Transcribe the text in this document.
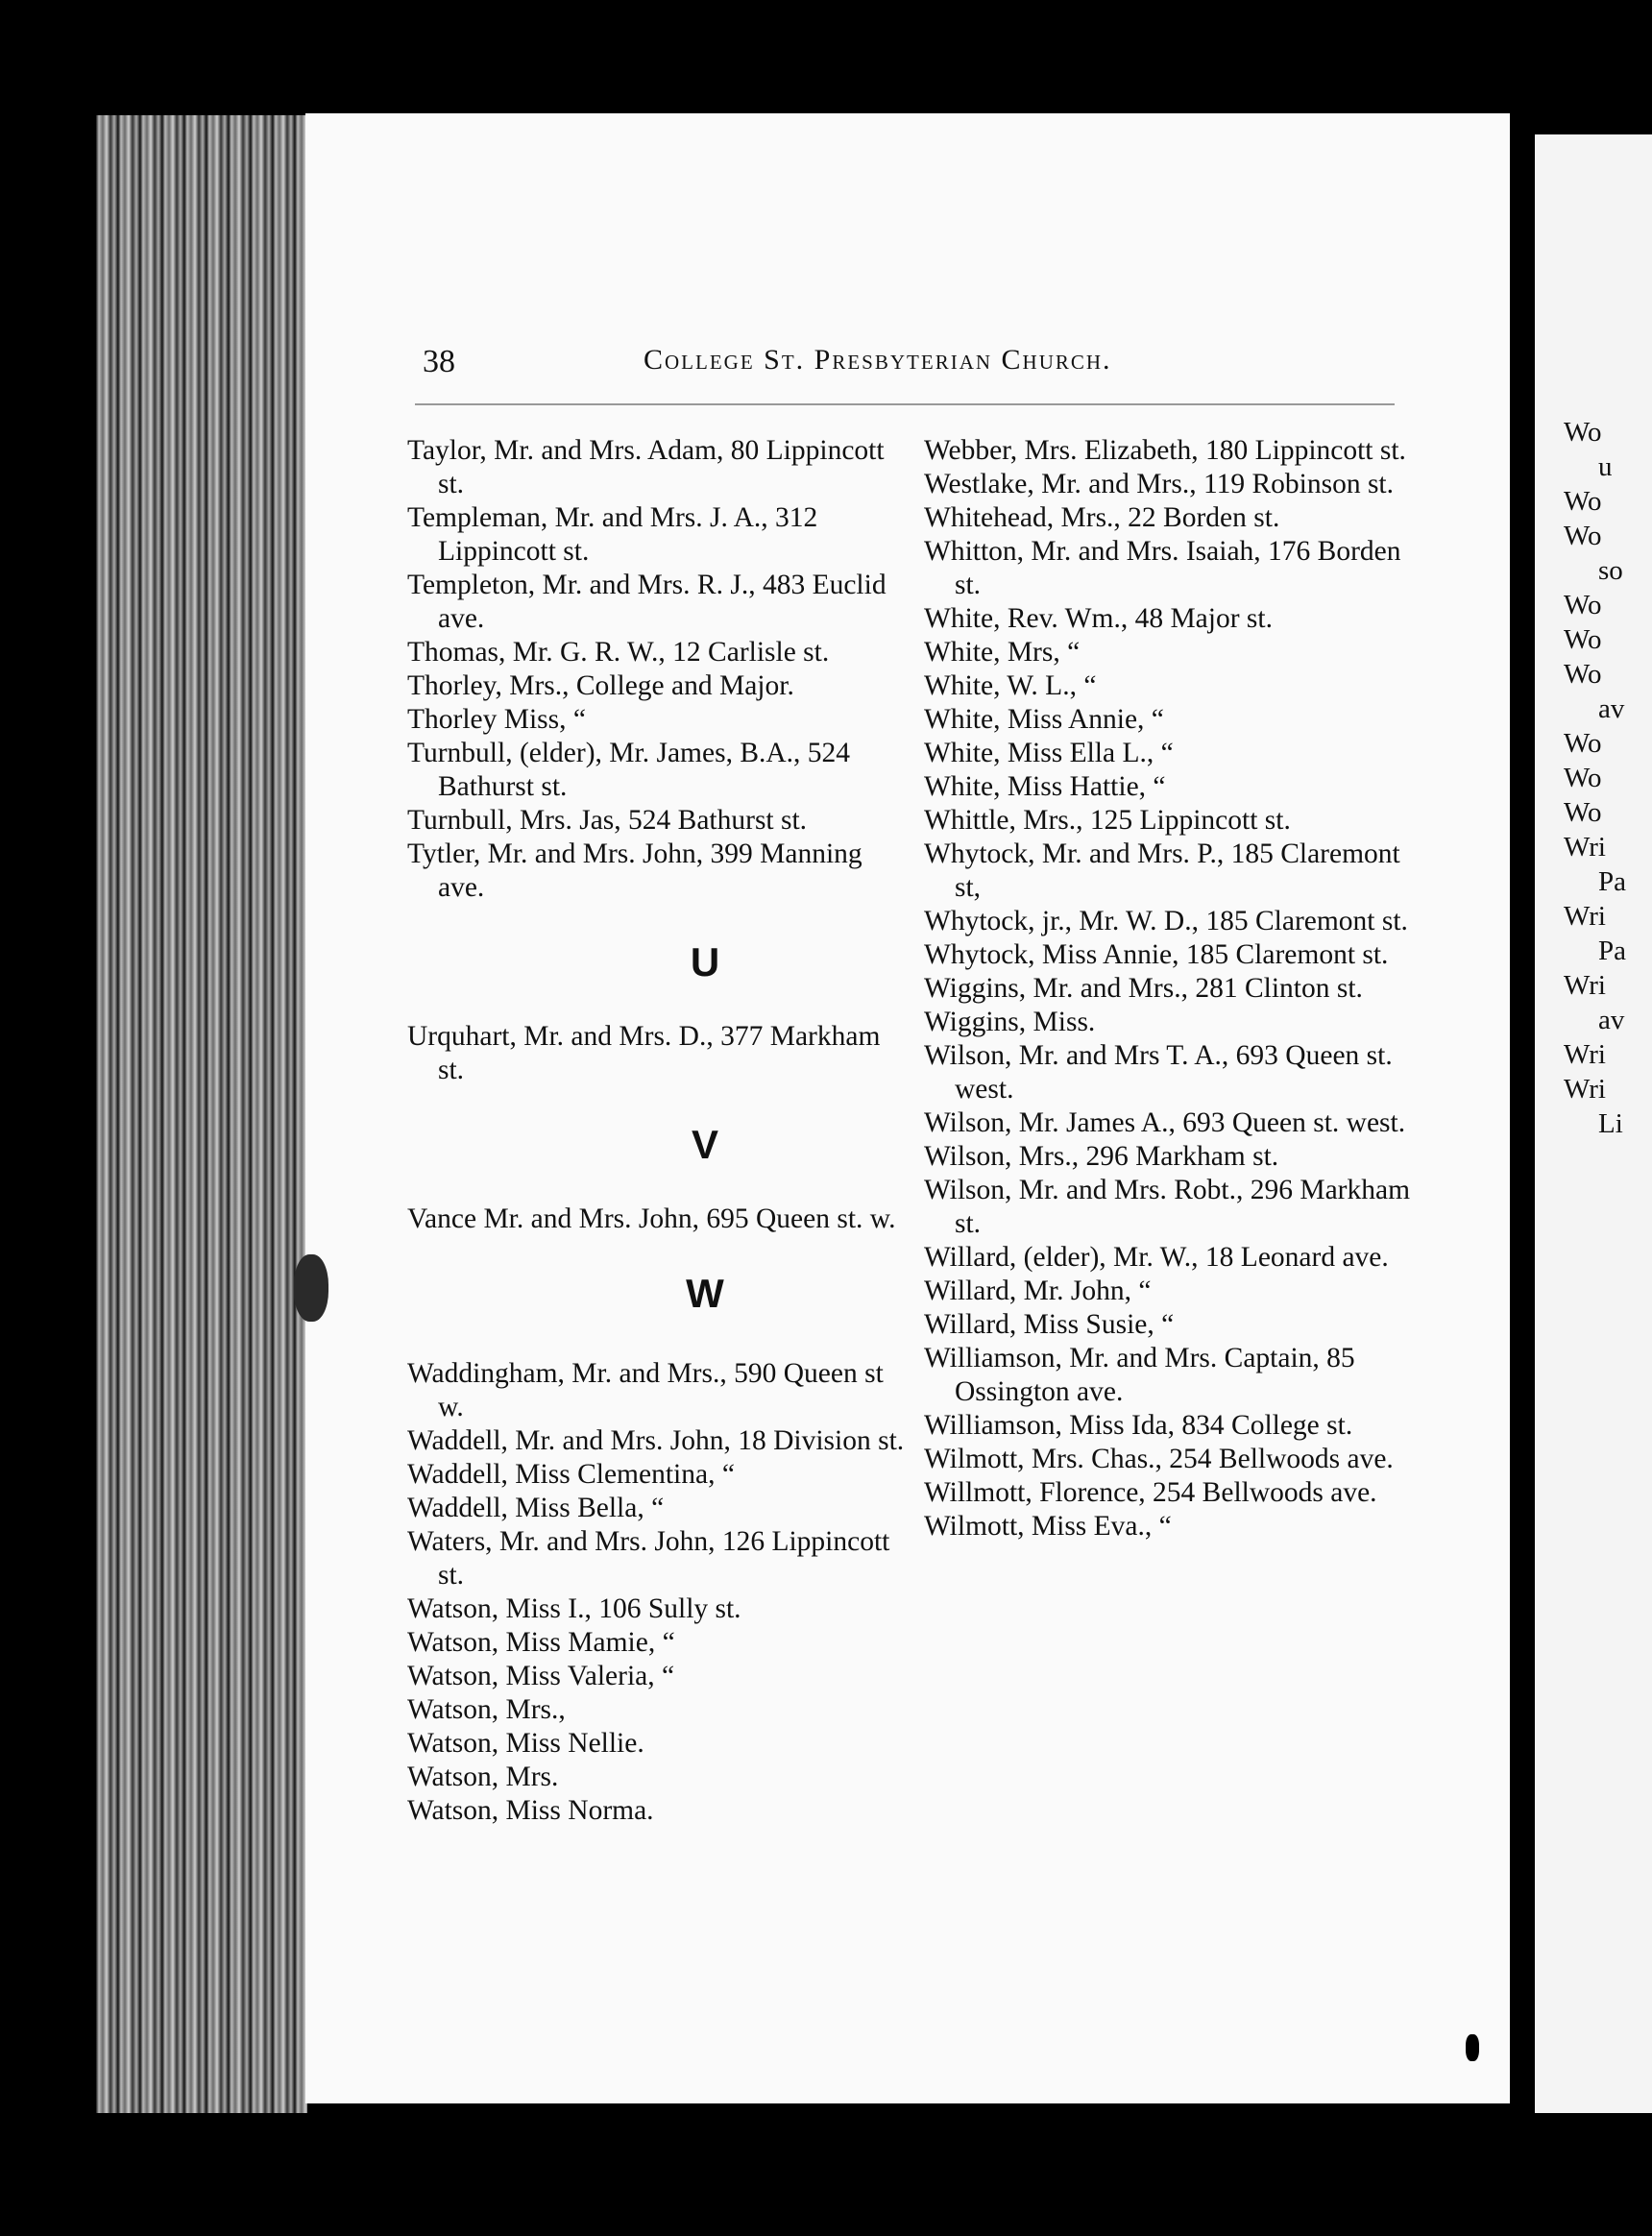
38	College St. Presbyterian Church.

Taylor, Mr. and Mrs. Adam, 80 Lippincott st.

Templeman, Mr. and Mrs. J. A., 312 Lippincott st.

Templeton, Mr. and Mrs. R. J., 483 Euclid ave.

Thomas, Mr. G. R. W., 12 Carlisle st.

Thorley, Mrs., College and Major.

Thorley Miss, “

Turnbull, (elder), Mr. James, B.A., 524 Bathurst st.

Turnbull, Mrs. Jas, 524 Bathurst st.

Tytler, Mr. and Mrs. John, 399 Manning ave.

U

Urquhart, Mr. and Mrs. D., 377 Markham st.

V

Vance Mr. and Mrs. John, 695 Queen st. w.

W

Waddingham, Mr. and Mrs., 590 Queen st w.

Waddell, Mr. and Mrs. John, 18 Division st.

Waddell, Miss Clementina, “

Waddell, Miss Bella, “

Waters, Mr. and Mrs. John, 126 Lippincott st.

Watson, Miss I., 106 Sully st.

Watson, Miss Mamie, “

Watson, Miss Valeria, “

Watson, Mrs.,

Watson, Miss Nellie.

Watson, Mrs.

Watson, Miss Norma.

Webber, Mrs. Elizabeth, 180 Lippincott st.

Westlake, Mr. and Mrs., 119 Robinson st.

Whitehead, Mrs., 22 Borden st.

Whitton, Mr. and Mrs. Isaiah, 176 Borden st.

White, Rev. Wm., 48 Major st.

White, Mrs, “

White, W. L., “

White, Miss Annie, “

White, Miss Ella L., “

White, Miss Hattie, “

Whittle, Mrs., 125 Lippincott st.

Whytock, Mr. and Mrs. P., 185 Claremont st,

Whytock, jr., Mr. W. D., 185 Claremont st.

Whytock, Miss Annie, 185 Claremont st.

Wiggins, Mr. and Mrs., 281 Clinton st.

Wiggins, Miss.

Wilson, Mr. and Mrs T. A., 693 Queen st. west.

Wilson, Mr. James A., 693 Queen st. west.

Wilson, Mrs., 296 Markham st.

Wilson, Mr. and Mrs. Robt., 296 Markham st.

Willard, (elder), Mr. W., 18 Leonard ave.

Willard, Mr. John, “

Willard, Miss Susie, “

Williamson, Mr. and Mrs. Captain, 85 Ossington ave.

Williamson, Miss Ida, 834 College st.

Wilmott, Mrs. Chas., 254 Bellwoods ave.

Willmott, Florence, 254 Bellwoods ave.

Wilmott, Miss Eva., “

Wo
u
Wo
Wo
so
Wo
Wo
Wo
av
Wo
Wo
Wo
Wri
Pa
Wri
Pa
Wri
av
Wri
Wri
Li
